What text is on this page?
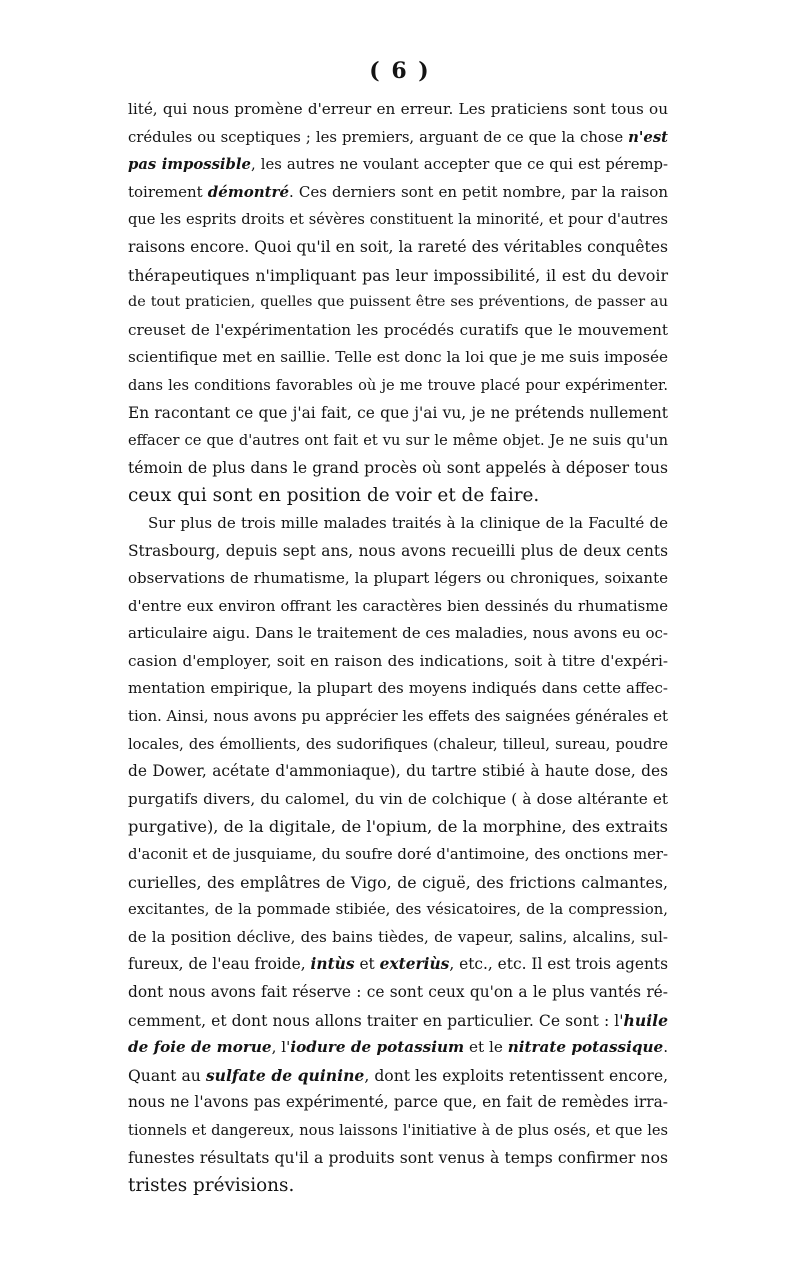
( 6 )
lité, qui nous promène d'erreur en erreur. Les praticiens sont tous ou
crédules ou sceptiques ; les premiers, arguant de ce que la chose n'est
pas impossible, les autres ne voulant accepter que ce qui est péremp-
toirement démontré. Ces derniers sont en petit nombre, par la raison
que les esprits droits et sévères constituent la minorité, et pour d'autres
raisons encore. Quoi qu'il en soit, la rareté des véritables conquêtes
thérapeutiques n'impliquant pas leur impossibilité, il est du devoir
de tout praticien, quelles que puissent être ses préventions, de passer au
creuset de l'expérimentation les procédés curatifs que le mouvement
scientifique met en saillie. Telle est donc la loi que je me suis imposée
dans les conditions favorables où je me trouve placé pour expérimenter.
En racontant ce que j'ai fait, ce que j'ai vu, je ne prétends nullement
effacer ce que d'autres ont fait et vu sur le même objet. Je ne suis qu'un
témoin de plus dans le grand procès où sont appelés à déposer tous
ceux qui sont en position de voir et de faire.
Sur plus de trois mille malades traités à la clinique de la Faculté de
Strasbourg, depuis sept ans, nous avons recueilli plus de deux cents
observations de rhumatisme, la plupart légers ou chroniques, soixante
d'entre eux environ offrant les caractères bien dessinés du rhumatisme
articulaire aigu. Dans le traitement de ces maladies, nous avons eu oc-
casion d'employer, soit en raison des indications, soit à titre d'expéri-
mentation empirique, la plupart des moyens indiqués dans cette affec-
tion. Ainsi, nous avons pu apprécier les effets des saignées générales et
locales, des émollients, des sudorifiques (chaleur, tilleul, sureau, poudre
de Dower, acétate d'ammoniaque), du tartre stibié à haute dose, des
purgatifs divers, du calomel, du vin de colchique ( à dose altérante et
purgative), de la digitale, de l'opium, de la morphine, des extraits
d'aconit et de jusquiame, du soufre doré d'antimoine, des onctions mer-
curielles, des emplâtres de Vigo, de ciguë, des frictions calmantes,
excitantes, de la pommade stibiée, des vésicatoires, de la compression,
de la position déclive, des bains tièdes, de vapeur, salins, alcalins, sul-
fureux, de l'eau froide, intùs et exteriùs, etc., etc. Il est trois agents
dont nous avons fait réserve : ce sont ceux qu'on a le plus vantés ré-
cemment, et dont nous allons traiter en particulier. Ce sont : l'huile
de foie de morue, l'iodure de potassium et le nitrate potassique.
Quant au sulfate de quinine, dont les exploits retentissent encore,
nous ne l'avons pas expérimenté, parce que, en fait de remèdes irra-
tionnels et dangereux, nous laissons l'initiative à de plus osés, et que les
funestes résultats qu'il a produits sont venus à temps confirmer nos
tristes prévisions.
